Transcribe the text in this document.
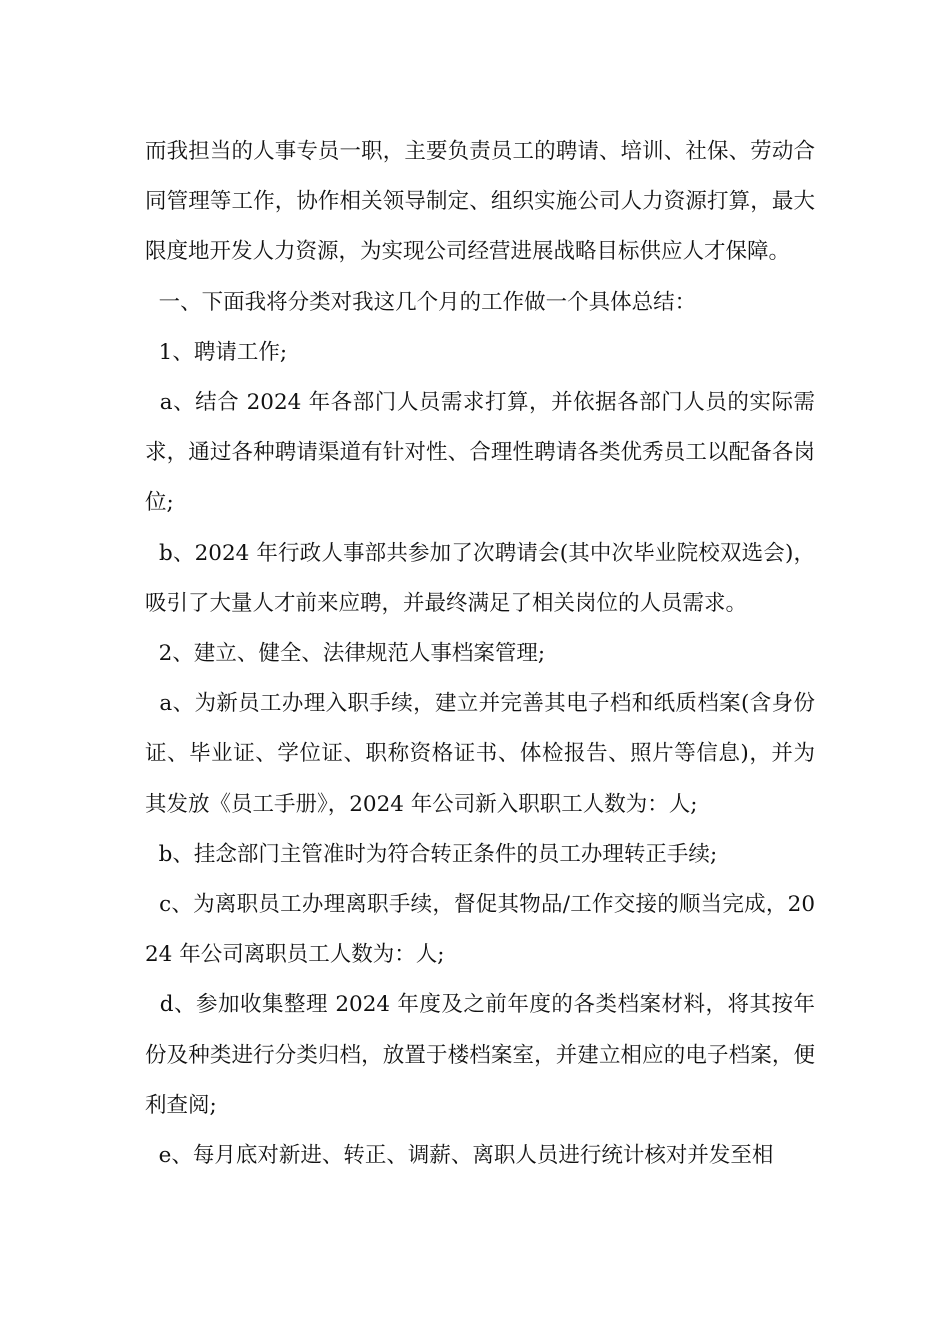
而我担当的人事专员一职，主要负责员工的聘请、培训、社保、劳动合同管理等工作，协作相关领导制定、组织实施公司人力资源打算，最大限度地开发人力资源，为实现公司经营进展战略目标供应人才保障。

一、下面我将分类对我这几个月的工作做一个具体总结：

1、聘请工作;

a、结合 2024 年各部门人员需求打算，并依据各部门人员的实际需求，通过各种聘请渠道有针对性、合理性聘请各类优秀员工以配备各岗位;

b、2024 年行政人事部共参加了次聘请会(其中次毕业院校双选会)，吸引了大量人才前来应聘，并最终满足了相关岗位的人员需求。

2、建立、健全、法律规范人事档案管理;

a、为新员工办理入职手续，建立并完善其电子档和纸质档案(含身份证、毕业证、学位证、职称资格证书、体检报告、照片等信息)，并为其发放《员工手册》，2024 年公司新入职职工人数为：人;

b、挂念部门主管准时为符合转正条件的员工办理转正手续;

c、为离职员工办理离职手续，督促其物品/工作交接的顺当完成，2024 年公司离职员工人数为：人;

d、参加收集整理 2024 年度及之前年度的各类档案材料，将其按年份及种类进行分类归档，放置于楼档案室，并建立相应的电子档案，便利查阅;

e、每月底对新进、转正、调薪、离职人员进行统计核对并发至相
